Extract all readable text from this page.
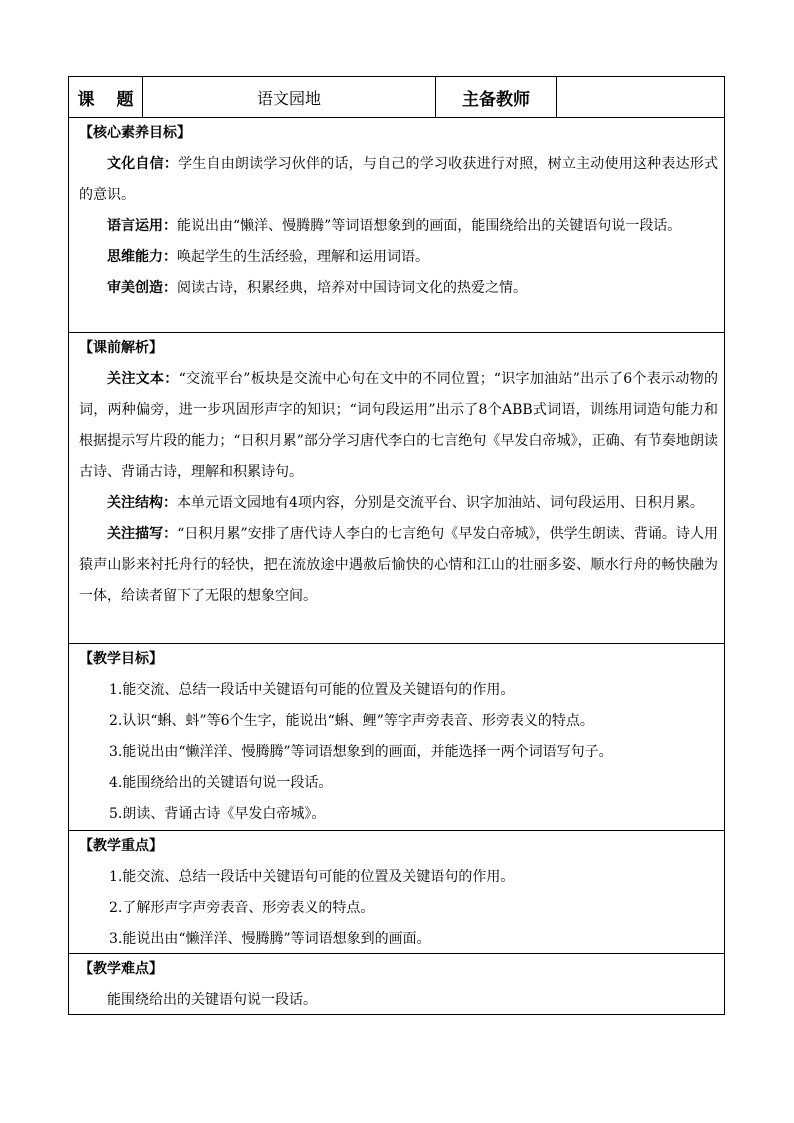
课 题	语文园地	主备教师
【核心素养目标】
文化自信：学生自由朗读学习伙伴的话，与自己的学习收获进行对照，树立主动使用这种表达形式的意识。
语言运用：能说出由“懒洋、慢腾腾”等词语想象到的画面，能围绕给出的关键语句说一段话。
思维能力：唤起学生的生活经验，理解和运用词语。
审美创造：阅读古诗，积累经典，培养对中国诗词文化的热爱之情。
【课前解析】
关注文本：“交流平台”板块是交流中心句在文中的不同位置；“识字加油站”出示了6个表示动物的词，两种偏旁，进一步巩固形声字的知识；“词句段运用”出示了8个ABB式词语，训练用词造句能力和根据提示写片段的能力；“日积月累”部分学习唐代李白的七言绝句《早发白帝城》，正确、有节奏地朗读古诗、背诵古诗，理解和积累诗句。
关注结构：本单元语文园地有4项内容，分别是交流平台、识字加油站、词句段运用、日积月累。
关注描写：“日积月累”安排了唐代诗人李白的七言绝句《早发白帝城》，供学生朗读、背诵。诗人用猿声山影来衬托舟行的轻快，把在流放途中遇赦后愉快的心情和江山的壮丽多姿、顺水行舟的畅快融为一体，给读者留下了无限的想象空间。
【教学目标】
1.能交流、总结一段话中关键语句可能的位置及关键语句的作用。
2.认识“蝌、蚪”等6个生字，能说出“蝌、鲤”等字声旁表音、形旁表义的特点。
3.能说出由“懒洋洋、慢腾腾”等词语想象到的画面，并能选择一两个词语写句子。
4.能围绕给出的关键语句说一段话。
5.朗读、背诵古诗《早发白帝城》。
【教学重点】
1.能交流、总结一段话中关键语句可能的位置及关键语句的作用。
2.了解形声字声旁表音、形旁表义的特点。
3.能说出由“懒洋洋、慢腾腾”等词语想象到的画面。
【教学难点】
能围绕给出的关键语句说一段话。
